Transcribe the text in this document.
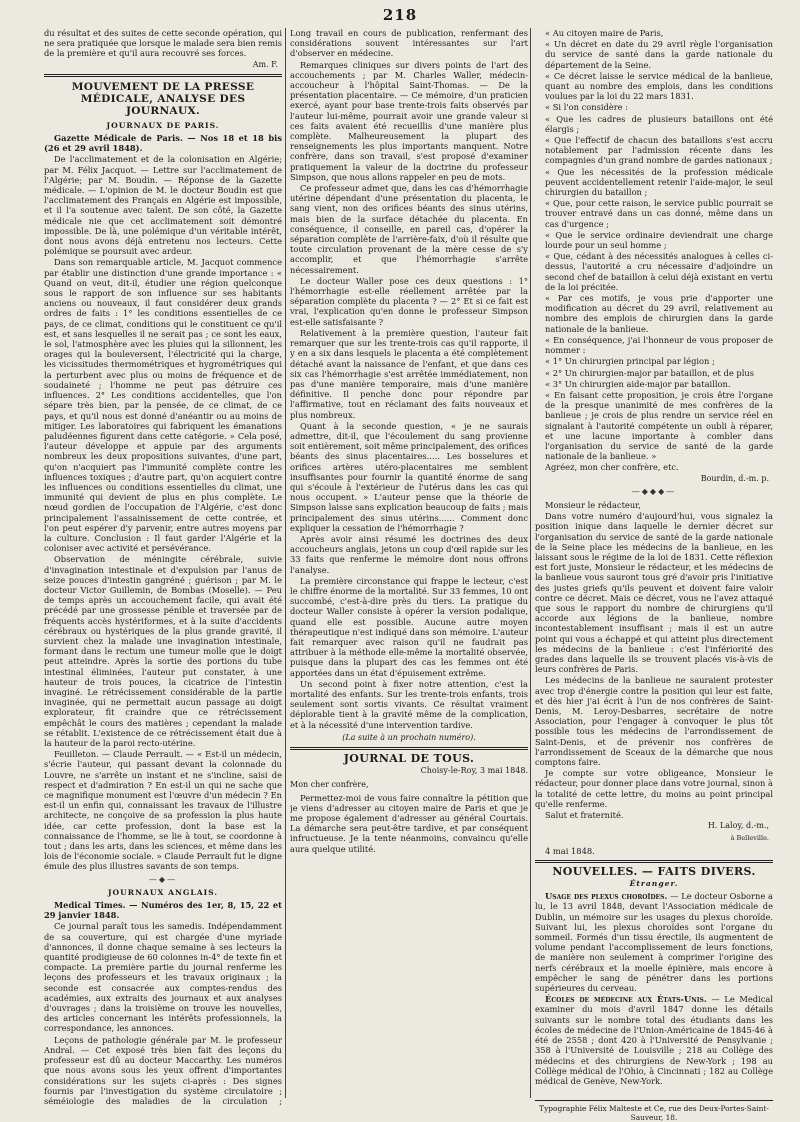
218

du résultat et des suites de cette seconde opération, qui ne sera pratiquée que lorsque le malade sera bien remis de la première et qu'il aura recouvré ses forces.

Am. F.
MOUVEMENT DE LA PRESSE MÉDICALE, ANALYSE DES JOURNAUX.
JOURNAUX DE PARIS.

Gazette Médicale de Paris. — Nos 18 et 18 bis (26 et 29 avril 1848).

De l'acclimatement et de la colonisation en Algérie; par M. Félix Jacquot. — Lettre sur l'acclimatement de l'Algérie; par M. Boudin. — Réponse de la Gazette médicale. — L'opinion de M. le docteur Boudin est que l'acclimatement des Français en Algérie est impossible, et il l'a soutenue avec talent. De son côté, la Gazette médicale nie que cet acclimatement soit démontré impossible. De là, une polémique d'un véritable intérêt, dont nous avons déjà entretenu nos lecteurs. Cette polémique se poursuit avec ardeur.

Dans son remarquable article, M. Jacquot commence par établir une distinction d'une grande importance : « Quand on veut, dit-il, étudier une région quelconque sous le rapport de son influence sur ses habitants anciens ou nouveaux, il faut considérer deux grands ordres de faits : 1° les conditions essentielles de ce pays, de ce climat, conditions qui le constituent ce qu'il est, et sans lesquelles il ne serait pas ; ce sont les eaux, le sol, l'atmosphère avec les pluies qui la sillonnent, les orages qui la bouleversent, l'électricité qui la charge, les vicissitudes thermométriques et hygrométriques qui la perturbent avec plus ou moins de fréquence et de soudaineté ; l'homme ne peut pas détruire ces influences. 2° Les conditions accidentelles, que l'on sépare très bien, par la pensée, de ce climat, de ce pays, et qu'il nous est donné d'anéantir ou au moins de mitiger. Les laboratoires qui fabriquent les émanations paludéennes figurent dans cette catégorie. » Cela posé, l'auteur développe et appuie par des arguments nombreux les deux propositions suivantes, d'une part, qu'on n'acquiert pas l'immunité complète contre les influences toxiques ; d'autre part, qu'on acquiert contre les influences ou conditions essentielles du climat, une immunité qui devient de plus en plus complète. Le nœud gordien de l'occupation de l'Algérie, c'est donc principalement l'assainissement de cette contrée, et l'on peut espérer d'y parvenir, entre autres moyens par la culture. Conclusion : Il faut garder l'Algérie et la coloniser avec activité et persévérance.

Observation de méningite cérébrale, suivie d'invagination intestinale et d'expulsion par l'anus de seize pouces d'intestin gangréné ; guérison ; par M. le docteur Victor Guillemin, de Bombas (Moselle). — Peu de temps après un accouchement facile, qui avait été précédé par une grossesse pénible et traversée par de fréquents accès hystériformes, et à la suite d'accidents cérébraux ou hystériques de la plus grande gravité, il survient chez la malade une invagination intestinale, formant dans le rectum une tumeur molle que le doigt peut atteindre. Après la sortie des portions du tube intestinal éliminées, l'auteur put constater, à une hauteur de trois pouces, la cicatrice de l'intestin invaginé. Le rétrécissement considérable de la partie invaginée, qui ne permettait aucun passage au doigt explorateur, fit craindre que ce rétrécissement empêchât le cours des matières ; cependant la malade se rétablit. L'existence de ce rétrécissement était due à la hauteur de la paroi recto-utérine.

Feuilleton. — Claude Perrault. — « Est-il un médecin, s'écrie l'auteur, qui passant devant la colonnade du Louvre, ne s'arrête un instant et ne s'incline, saisi de respect et d'admiration ? En est-il un qui ne sache que ce magnifique monument est l'œuvre d'un médecin ? En est-il un enfin qui, connaissant les travaux de l'illustre architecte, ne conçoive de sa profession la plus haute idée, car cette profession, dont la base est la connaissance de l'homme, se lie à tout, se coordonne à tout ; dans les arts, dans les sciences, et même dans les lois de l'économie sociale. » Claude Perrault fut le digne émule des plus illustres savants de son temps.

—◆—
JOURNAUX ANGLAIS.

Medical Times. — Numéros des 1er, 8, 15, 22 et 29 janvier 1848.

Ce journal paraît tous les samedis. Indépendamment de sa couverture, qui est chargée d'une myriade d'annonces, il donne chaque semaine à ses lecteurs la quantité prodigieuse de 60 colonnes in-4° de texte fin et compacte. La première partie du journal renferme les leçons des professeurs et les travaux originaux ; la seconde est consacrée aux comptes-rendus des académies, aux extraits des journaux et aux analyses d'ouvrages ; dans la troisième on trouve les nouvelles, des articles concernant les intérêts professionnels, la correspondance, les annonces.

Leçons de pathologie générale par M. le professeur Andral. — Cet exposé très bien fait des leçons du professeur est dû au docteur Maccarthy. Les numéros que nous avons sous les yeux offrent d'importantes considérations sur les sujets ci-après : Des signes fournis par l'investigation du système circulatoire ; séméiologie des maladies de la circulation ;

Long travail en cours de publication, renfermant des considérations souvent intéressantes sur l'art d'observer en médecine.

Remarques cliniques sur divers points de l'art des accouchements ; par M. Charles Waller, médecin-accoucheur à l'hôpital Saint-Thomas. — De la présentation placentaire. — Ce mémoire, d'un praticien exercé, ayant pour base trente-trois faits observés par l'auteur lui-même, pourrait avoir une grande valeur si ces faits avaient été recueillis d'une manière plus complète. Malheureusement la plupart des renseignements les plus importants manquent. Notre confrère, dans son travail, s'est proposé d'examiner pratiquement la valeur de la doctrine du professeur Simpson, que nous allons rappeler en peu de mots.

Ce professeur admet que, dans les cas d'hémorrhagie utérine dépendant d'une présentation du placenta, le sang vient, non des orifices béants des sinus utérins, mais bien de la surface détachée du placenta. En conséquence, il conseille, en pareil cas, d'opérer la séparation complète de l'arrière-faix, d'où il résulte que toute circulation provenant de la mère cesse de s'y accomplir, et que l'hémorrhagie s'arrête nécessairement.

Le docteur Waller pose ces deux questions : 1° l'hémorrhagie est-elle réellement arrêtée par la séparation complète du placenta ? — 2° Et si ce fait est vrai, l'explication qu'en donne le professeur Simpson est-elle satisfaisante ?

Relativement à la première question, l'auteur fait remarquer que sur les trente-trois cas qu'il rapporte, il y en a six dans lesquels le placenta a été complètement détaché avant la naissance de l'enfant, et que dans ces six cas l'hémorrhagie s'est arrêtée immédiatement, non pas d'une manière temporaire, mais d'une manière définitive. Il penche donc pour répondre par l'affirmative, tout en réclamant des faits nouveaux et plus nombreux.

Quant à la seconde question, « je ne saurais admettre, dit-il, que l'écoulement du sang provienne soit entièrement, soit même principalement, des orifices béants des sinus placentaires..... Les bosselures et orifices artères utéro-placentaires me semblent insuffisantes pour fournir la quantité énorme de sang qui s'écoule à l'extérieur de l'utérus dans les cas qui nous occupent. » L'auteur pense que la théorie de Simpson laisse sans explication beaucoup de faits ; mais principalement des sinus utérins...... Comment donc expliquer la cessation de l'hémorrhagie ?

Après avoir ainsi résumé les doctrines des deux accoucheurs anglais, jetons un coup d'œil rapide sur les 33 faits que renferme le mémoire dont nous offrons l'analyse.

La première circonstance qui frappe le lecteur, c'est le chiffre énorme de la mortalité. Sur 33 femmes, 10 ont succombé, c'est-à-dire près du tiers. La pratique du docteur Waller consiste à opérer la version podalique, quand elle est possible. Aucune autre moyen thérapeutique n'est indiqué dans son mémoire. L'auteur fait remarquer avec raison qu'il ne faudrait pas attribuer à la méthode elle-même la mortalité observée, puisque dans la plupart des cas les femmes ont été apportées dans un état d'épuisement extrême.

Un second point à fixer notre attention, c'est la mortalité des enfants. Sur les trente-trois enfants, trois seulement sont sortis vivants. Ce résultat vraiment déplorable tient à la gravité même de la complication, et à la nécessité d'une intervention tardive.

(La suite à un prochain numéro).
JOURNAL DE TOUS.
Choisy-le-Roy, 3 mai 1848.
Mon cher confrère,

Permettez-moi de vous faire connaître la pétition que je viens d'adresser au citoyen maire de Paris et que je me propose également d'adresser au général Courtais. La démarche sera peut-être tardive, et par conséquent infructueuse. Je la tente néanmoins, convaincu qu'elle aura quelque utilité.

« Au citoyen maire de Paris,

« Un décret en date du 29 avril règle l'organisation du service de santé dans la garde nationale du département de la Seine.

« Ce décret laisse le service médical de la banlieue, quant au nombre des emplois, dans les conditions voulues par la loi du 22 mars 1831.

« Si l'on considère :

« Que les cadres de plusieurs bataillons ont été élargis ;

« Que l'effectif de chacun des bataillons s'est accru notablement par l'admission récente dans les compagnies d'un grand nombre de gardes nationaux ;

« Que les nécessités de la profession médicale peuvent accidentellement retenir l'aide-major, le seul chirurgien du bataillon ;

« Que, pour cette raison, le service public pourrait se trouver entravé dans un cas donné, même dans un cas d'urgence ;

« Que le service ordinaire deviendrait une charge lourde pour un seul homme ;

« Que, cédant à des nécessités analogues à celles ci-dessus, l'autorité a cru nécessaire d'adjoindre un second chef de bataillon à celui déjà existant en vertu de la loi précitée.

« Par ces motifs, je vous prie d'apporter une modification au décret du 29 avril, relativement au nombre des emplois de chirurgien dans la garde nationale de la banlieue.

« En conséquence, j'ai l'honneur de vous proposer de nommer :

« 1° Un chirurgien principal par légion ;

« 2° Un chirurgien-major par bataillon, et de plus

« 3° Un chirurgien aide-major par bataillon.

« En faisant cette proposition, je crois être l'organe de la presque unanimité de mes confrères de la banlieue ; je crois de plus rendre un service réel en signalant à l'autorité compétente un oubli à réparer, et une lacune importante à combler dans l'organisation du service de santé de la garde nationale de la banlieue. »

Agréez, mon cher confrère, etc.

Bourdin, d.-m. p.
—◆◆◆—

Monsieur le rédacteur,

Dans votre numéro d'aujourd'hui, vous signalez la position inique dans laquelle le dernier décret sur l'organisation du service de santé de la garde nationale de la Seine place les médecins de la banlieue, en les laissant sous le régime de la loi de 1831. Cette réflexion est fort juste, Monsieur le rédacteur, et les médecins de la banlieue vous sauront tous gré d'avoir pris l'initiative des justes griefs qu'ils peuvent et doivent faire valoir contre ce décret. Mais ce décret, vous ne l'avez attaqué que sous le rapport du nombre de chirurgiens qu'il accorde aux légions de la banlieue, nombre incontestablement insuffisant ; mais il est un autre point qui vous a échappé et qui atteint plus directement les médecins de la banlieue : c'est l'infériorité des grades dans laquelle ils se trouvent placés vis-à-vis de leurs confrères de Paris.

Les médecins de la banlieue ne sauraient protester avec trop d'énergie contre la position qui leur est faite, et dès hier j'ai écrit à l'un de nos confrères de Saint-Denis, M. Leroy-Desbarres, secrétaire de notre Association, pour l'engager à convoquer le plus tôt possible tous les médecins de l'arrondissement de Saint-Denis, et de prévenir nos confrères de l'arrondissement de Sceaux de la démarche que nous comptons faire.

Je compte sur votre obligeance, Monsieur le rédacteur, pour donner place dans votre journal, sinon à la totalité de cette lettre, du moins au point principal qu'elle renferme.

Salut et fraternité.

H. Laloy, d.-m.,
à Belleville.

4 mai 1848.

NOUVELLES. — FAITS DIVERS.
Étranger.

Usage des plexus choroïdes. — Le docteur Osborne a lu, le 13 avril 1848, devant l'Association médicale de Dublin, un mémoire sur les usages du plexus choroïde. Suivant lui, les plexus choroïdes sont l'organe du sommeil. Formés d'un tissu érectile, ils augmentent de volume pendant l'accomplissement de leurs fonctions, de manière non seulement à comprimer l'origine des nerfs cérébraux et la moelle épinière, mais encore à empêcher le sang de pénétrer dans les portions supérieures du cerveau.

Écoles de médecine aux États-Unis. — Le Medical examiner du mois d'avril 1847 donne les détails suivants sur le nombre total des étudiants dans les écoles de médecine de l'Union-Américaine de 1845-46 à été de 2558 ; dont 420 à l'Université de Pensylvanie ; 358 à l'Université de Louisville ; 218 au Collège des médecins et des chirurgiens de New-York ; 198 au Collège médical de l'Ohio, à Cincinnati ; 182 au Collège médical de Genève, New-York.

Typographie Félix Malteste et Ce, rue des Deux-Portes-Saint-Sauveur, 18.
